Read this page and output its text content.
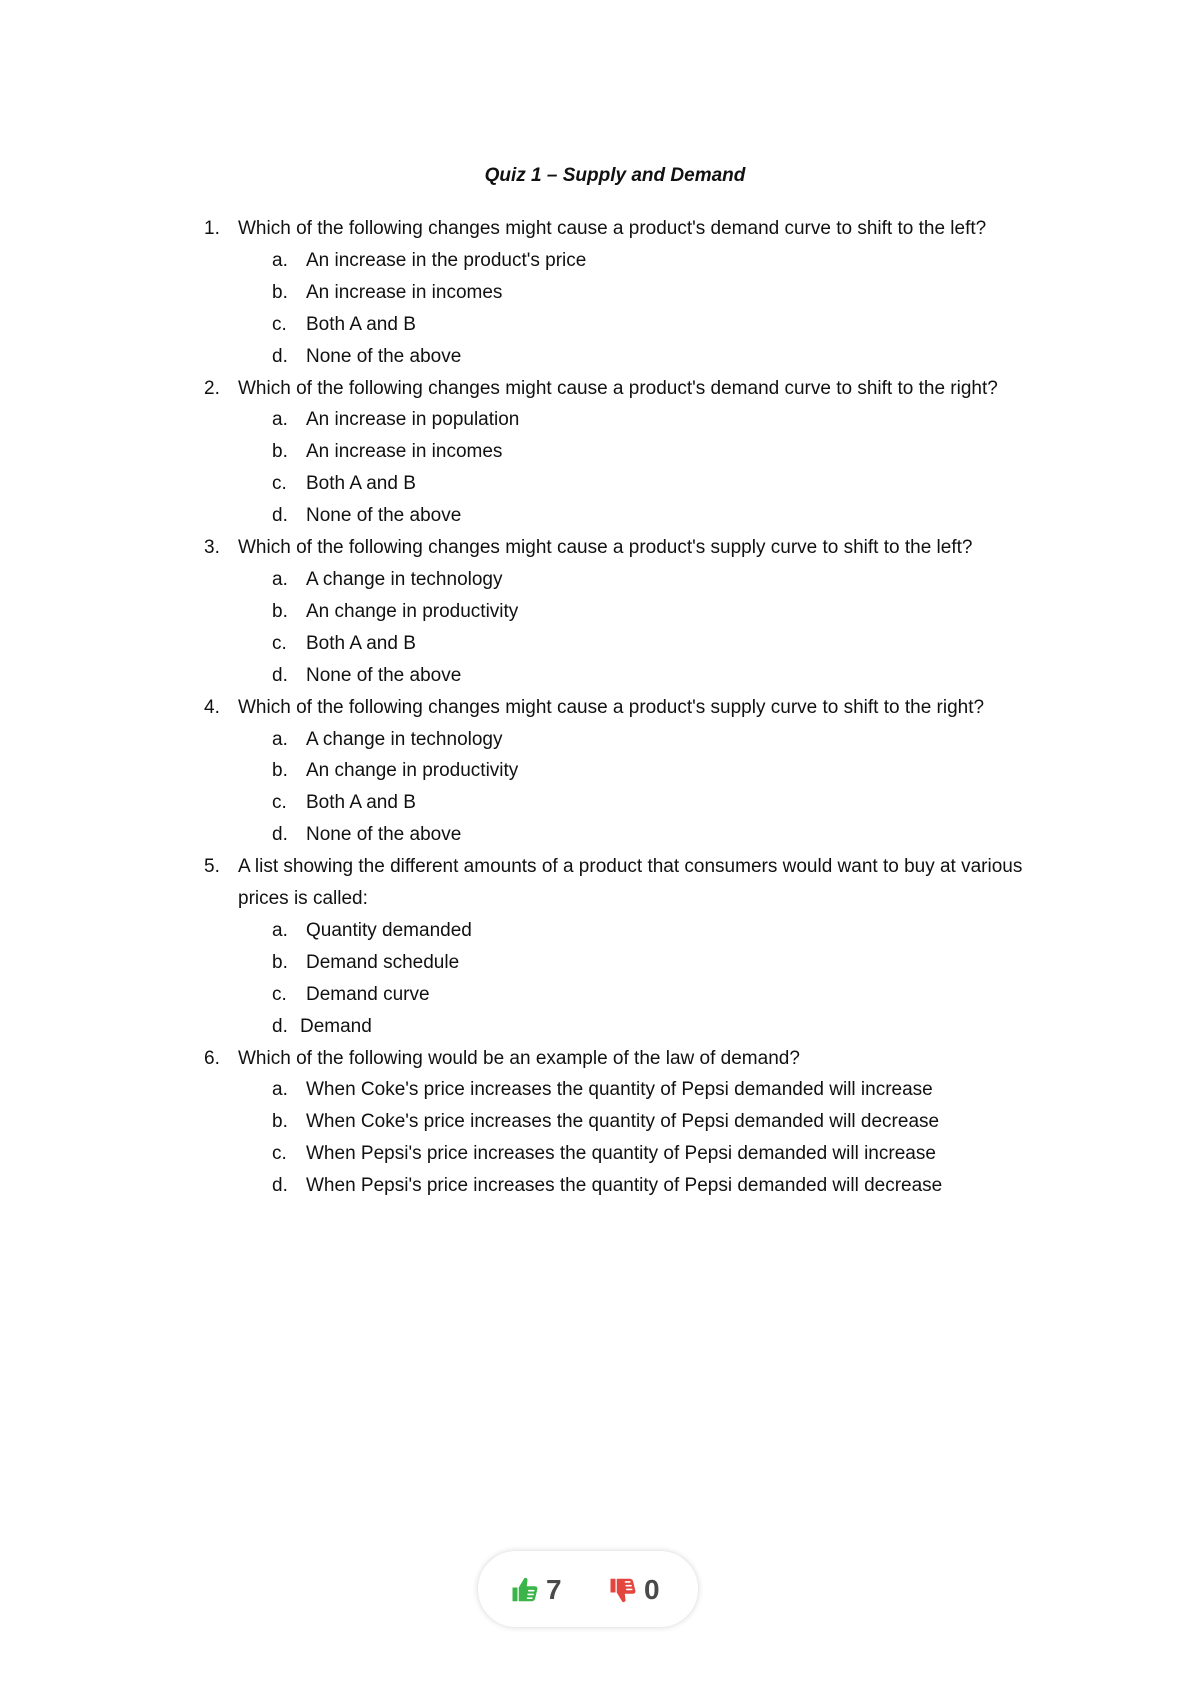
Quiz 1 – Supply and Demand
1. Which of the following changes might cause a product's demand curve to shift to the left?
a. An increase in the product's price
b. An increase in incomes
c.	Both A and B
d. None of the above
2. Which of the following changes might cause a product's demand curve to shift to the right?
a. An increase in population
b. An increase in incomes
c.	Both A and B
d. None of the above
3. Which of the following changes might cause a product's supply curve to shift to the left?
a. A change in technology
b. An change in productivity
c.	Both A and B
d. None of the above
4. Which of the following changes might cause a product's supply curve to shift to the right?
a. A change in technology
b. An change in productivity
c.	Both A and B
d. None of the above
5. A list showing the different amounts of a product that consumers would want to buy at various prices is called:
a. Quantity demanded
b. Demand schedule
c.	Demand curve
d. Demand
6. Which of the following would be an example of the law of demand?
a. When Coke's price increases the quantity of Pepsi demanded will increase
b. When Coke's price increases the quantity of Pepsi demanded will decrease
c.	When Pepsi's price increases the quantity of Pepsi demanded will increase
d. When Pepsi's price increases the quantity of Pepsi demanded will decrease
7	0
